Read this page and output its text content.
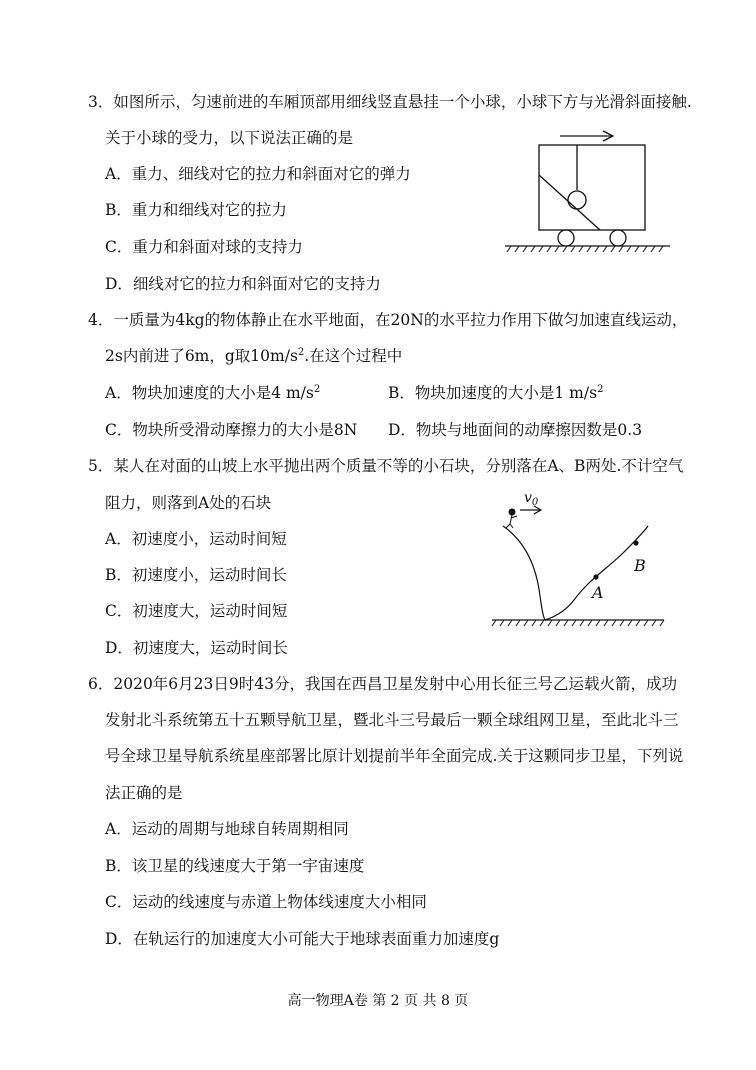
3．如图所示，匀速前进的车厢顶部用细线竖直悬挂一个小球，小球下方与光滑斜面接触.
关于小球的受力，以下说法正确的是
A．重力、细线对它的拉力和斜面对它的弹力
B．重力和细线对它的拉力
C．重力和斜面对球的支持力
D．细线对它的拉力和斜面对它的支持力
4．一质量为4kg的物体静止在水平地面，在20N的水平拉力作用下做匀加速直线运动，
2s内前进了6m，g取$10m/s^2$.在这个过程中
A．物块加速度的大小是4 $m/s^2$	B．物块加速度的大小是1 $m/s^2$
C．物块所受滑动摩擦力的大小是8N D．物块与地面间的动摩擦因数是0.3
5．某人在对面的山坡上水平抛出两个质量不等的小石块，分别落在A、B两处.不计空气
阻力，则落到A处的石块
A．初速度小，运动时间短
B．初速度小，运动时间长
C．初速度大，运动时间短
D．初速度大，运动时间长
$v_0$
A
B
6．2020年6月23日9时43分，我国在西昌卫星发射中心用长征三号乙运载火箭，成功
发射北斗系统第五十五颗导航卫星，暨北斗三号最后一颗全球组网卫星，至此北斗三
号全球卫星导航系统星座部署比原计划提前半年全面完成.关于这颗同步卫星，下列说
法正确的是
A．运动的周期与地球自转周期相同
B．该卫星的线速度大于第一宇宙速度
C．运动的线速度与赤道上物体线速度大小相同
D．在轨运行的加速度大小可能大于地球表面重力加速度g
高一物理A卷 第 2 页 共 8 页
